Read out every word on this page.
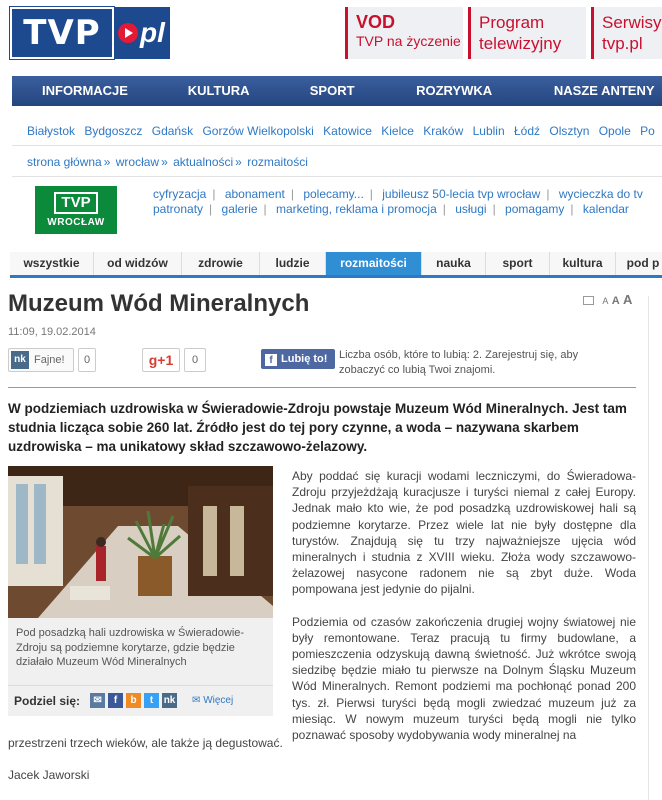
TVP pl	VOD
TVP na życzenie
Program
telewizyjny
Serwisy
tvp.pl
INFORMACJE	KULTURA	SPORT	ROZRYWKA	NASZE ANTENY
Białystok Bydgoszcz Gdańsk Gorzów Wielkopolski Katowice Kielce Kraków Lublin Łódź Olsztyn Opole Po
strona główna » wrocław » aktualności » rozmaitości
TVP
WROCŁAW
cyfryzacja | abonament | polecamy... | jubileusz 50-lecia tvp wrocław | wycieczka do tv
patronaty | galerie | marketing, reklama i promocja | usługi | pomagamy | kalendar
wszystkie	od widzów	zdrowie	ludzie	rozmaitości	nauka	sport	kultura	pod p
Muzeum Wód Mineralnych	A A A
11:09, 19.02.2014
nk Fajne!	0	g+1	0	f Lubię to!	Liczba osób, które to lubią: 2. Zarejestruj się, aby zobaczyć co lubią Twoi znajomi.

W podziemiach uzdrowiska w Świeradowie-Zdroju powstaje Muzeum Wód Mineralnych. Jest tam studnia licząca sobie 260 lat. Źródło jest do tej pory czynne, a woda – nazywana skarbem uzdrowiska – ma unikatowy skład szczawowo-żelazowy.

Pod posadzką hali uzdrowiska w Świeradowie-Zdroju są podziemne korytarze, gdzie będzie działało Muzeum Wód Mineralnych

Podziel się:	✉	f	b	t	nk ✉ Więcej

Aby poddać się kuracji wodami leczniczymi, do Świeradowa-Zdroju przyjeżdżają kuracjusze i turyści niemal z całej Europy. Jednak mało kto wie, że pod posadzką uzdrowiskowej hali są podziemne korytarze. Przez wiele lat nie były dostępne dla turystów. Znajdują się tu trzy najważniejsze ujęcia wód mineralnych i studnia z XVIII wieku. Złoża wody szczawowo-żelazowej nasycone radonem nie są zbyt duże. Woda pompowana jest jedynie do pijalni.

Podziemia od czasów zakończenia drugiej wojny światowej nie były remontowane. Teraz pracują tu firmy budowlane, a pomieszczenia odzyskują dawną świetność. Już wkrótce swoją siedzibę będzie miało tu pierwsze na Dolnym Śląsku Muzeum Wód Mineralnych. Remont podziemi ma pochłonąć ponad 200 tys. zł. Pierwsi turyści będą mogli zwiedzać muzeum już za miesiąc. W nowym muzeum turyści będą mogli nie tylko poznawać sposoby wydobywania wody mineralnej na

przestrzeni trzech wieków, ale także ją degustować.
Jacek Jaworski
